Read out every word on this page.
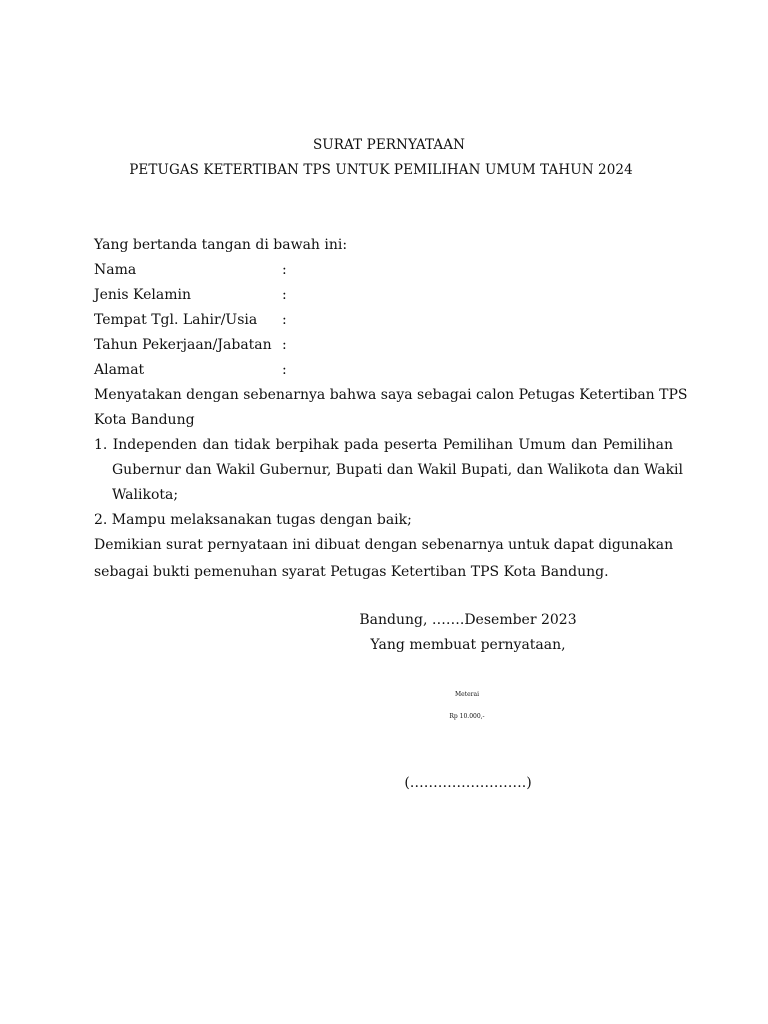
SURAT PERNYATAAN
PETUGAS KETERTIBAN TPS UNTUK PEMILIHAN UMUM TAHUN 2024
Yang bertanda tangan di bawah ini:
Nama	:
Jenis Kelamin	:
Tempat Tgl. Lahir/Usia :
Tahun Pekerjaan/Jabatan :
Alamat	:
Menyatakan dengan sebenarnya bahwa saya sebagai calon Petugas Ketertiban TPS
Kota Bandung
1. Independen dan tidak berpihak pada peserta Pemilihan Umum dan Pemilihan
Gubernur dan Wakil Gubernur, Bupati dan Wakil Bupati, dan Walikota dan Wakil
Walikota;
2. Mampu melaksanakan tugas dengan baik;
Demikian surat pernyataan ini dibuat dengan sebenarnya untuk dapat digunakan
sebagai bukti pemenuhan syarat Petugas Ketertiban TPS Kota Bandung.
Bandung, …….Desember 2023
Yang membuat pernyataan,
Meterai
Rp 10.000,-
(…………………….)
